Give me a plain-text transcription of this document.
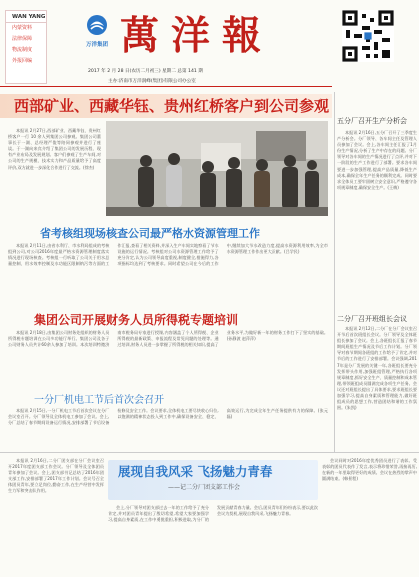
WAN YANG
内蒙资料
法律保障
物流制度
外报回编
万洋集团 萬洋報
2017 年 2 月 28 日(农历二月初三) 星期二 总第 141 期
主办:济南市万洋润峰(集团)有限公司办公室
西部矿业、西藏华钰、贵州红桥客户到公司参观

本报讯 2月27日,西部矿业、西藏华钰、贵州红桥客户一行 10 余人到集团公司参观。集团公司董事长于一湖、总经理严俊等陪同参观并进行了座谈。于一湖向来宾介绍了集团公司的发展历程、现有产业布局及发展规划。客户们参观了生产车间,对公司的生产规模、技术实力和产品质量给予了高度评价,双方就进一步深化合作进行了交流。(徐杰)

省考核组现场核查公司最严格水资源管理工作

本报讯 2月11日,由省水利厅、市水利局组成的考核组到公司,对公司2016年度最严格水资源管理制度落实情况进行现场核查。考核组一行听取了公司关于用水总量控制、用水效率控制及水功能区限制纳污等方面的工作汇报,查看了相关资料,并深入生产车间实地察看了节水设施的运行情况。考核组对公司水资源管理工作给予了充分肯定,认为公司领导高度重视,制度健全,措施得力,各项指标均达到了考核要求。同时希望公司在今后的工作中,继续加大节水改造力度,提高水资源利用效率,为全市水资源管理工作作出更大贡献。(吕学民)

集团公司开展财务人员所得税专题培训

本报讯 2月18日,由集团公司财务处组织的财务人员所得税专题培训在公司多功能厅举行。集团公司及各子公司财务人员共计60余人参加了培训。本次培训特邀济南市税务局专家进行授课,内容涵盖了个人所得税、企业所得税的最新政策、申报流程及常见问题的处理等。通过培训,财务人员进一步掌握了所得税的相关知识,提高了业务水平,为做好新一年的财务工作打下了坚实的基础。(孙静波 赵萍萍)

一分厂机电工节后首次会召开

本报讯 2月15日,一分厂机电工节后首次会议在分厂会议室召开。分厂领导及全体机电工参加了会议。会上,分厂总结了春节期间设备运行情况,安排部署了节后设备检修及安全工作。会议要求,全体机电工要尽快收心归位,以饱满的精神状态投入到工作中,确保设备安全、稳定、高效运行,为完成全年生产任务提供有力的保障。(张元磊)

五分厂召开生产分析会

本报讯 2月16日,五分厂召开了三季度生产分析会。分厂领导、各车间主任及管理人员参加了会议。会上,各车间主任汇报了1月份生产情况,分析了生产中存在的问题。分厂领导对各车间的生产情况进行了点评,并对下一阶段的生产工作进行了部署。要求各车间要进一步加强管理,提高产品质量,降低生产成本,确保全年生产任务的顺利完成。同时要求全体员工要牢固树立安全意识,严格遵守各项规章制度,确保安全生产。(王梅)

二分厂召开班组长会议

本报讯 2月12日,二分厂在分厂会议室召开节后首次班组长会议。分厂领导及全体班组长参加了会议。会上,各班组长汇报了春节期间班组生产情况及节后工作计划。分厂领导对春节期间各班组的工作给予了肯定,并对节后的工作进行了安排部署。会议强调,2017年是分厂发展的关键一年,各班组长要充分发挥带头作用,加强班组管理,严格执行各项规章制度,抓好安全生产、质量控制和成本管理,带领班组成员圆满完成各项生产任务。会议还对班组长提出了具体要求,要求班组长要加强学习,提高自身素质和管理能力,做好班组成员的思想工作,营造团结和谐的工作氛围。(朱凯)

展现自我风采 飞扬魅力青春
——记二分厂团支部工作会

本报讯 2月16日,二分厂团支部在分厂会议室召开2017年度团支部工作会议。分厂领导及全体团员青年参加了会议。会上,团支部书记总结了2016年团支部工作,安排部署了2017年工作计划。会议号召全体团员青年,要立足岗位,勤奋工作,在生产经营中发挥生力军和突击队作用。

会上,分厂领导对团支部过去一年的工作给予了充分肯定,并对团员青年提出了殷切希望,希望大家要加强学习,提高自身素质,在工作中勇挑重担,积极进取,为分厂的发展贡献青春力量。会后,团员青年们纷纷表示,要以此次会议为契机,展现自我风采,飞扬魅力青春。

会议同时对2016年度优秀团员进行了表彰。受表彰的团员代表作了发言,表示将珍惜荣誉,再接再厉,在新的一年里取得更好的成绩。会议在热烈的掌声中圆满结束。(韩景程)
